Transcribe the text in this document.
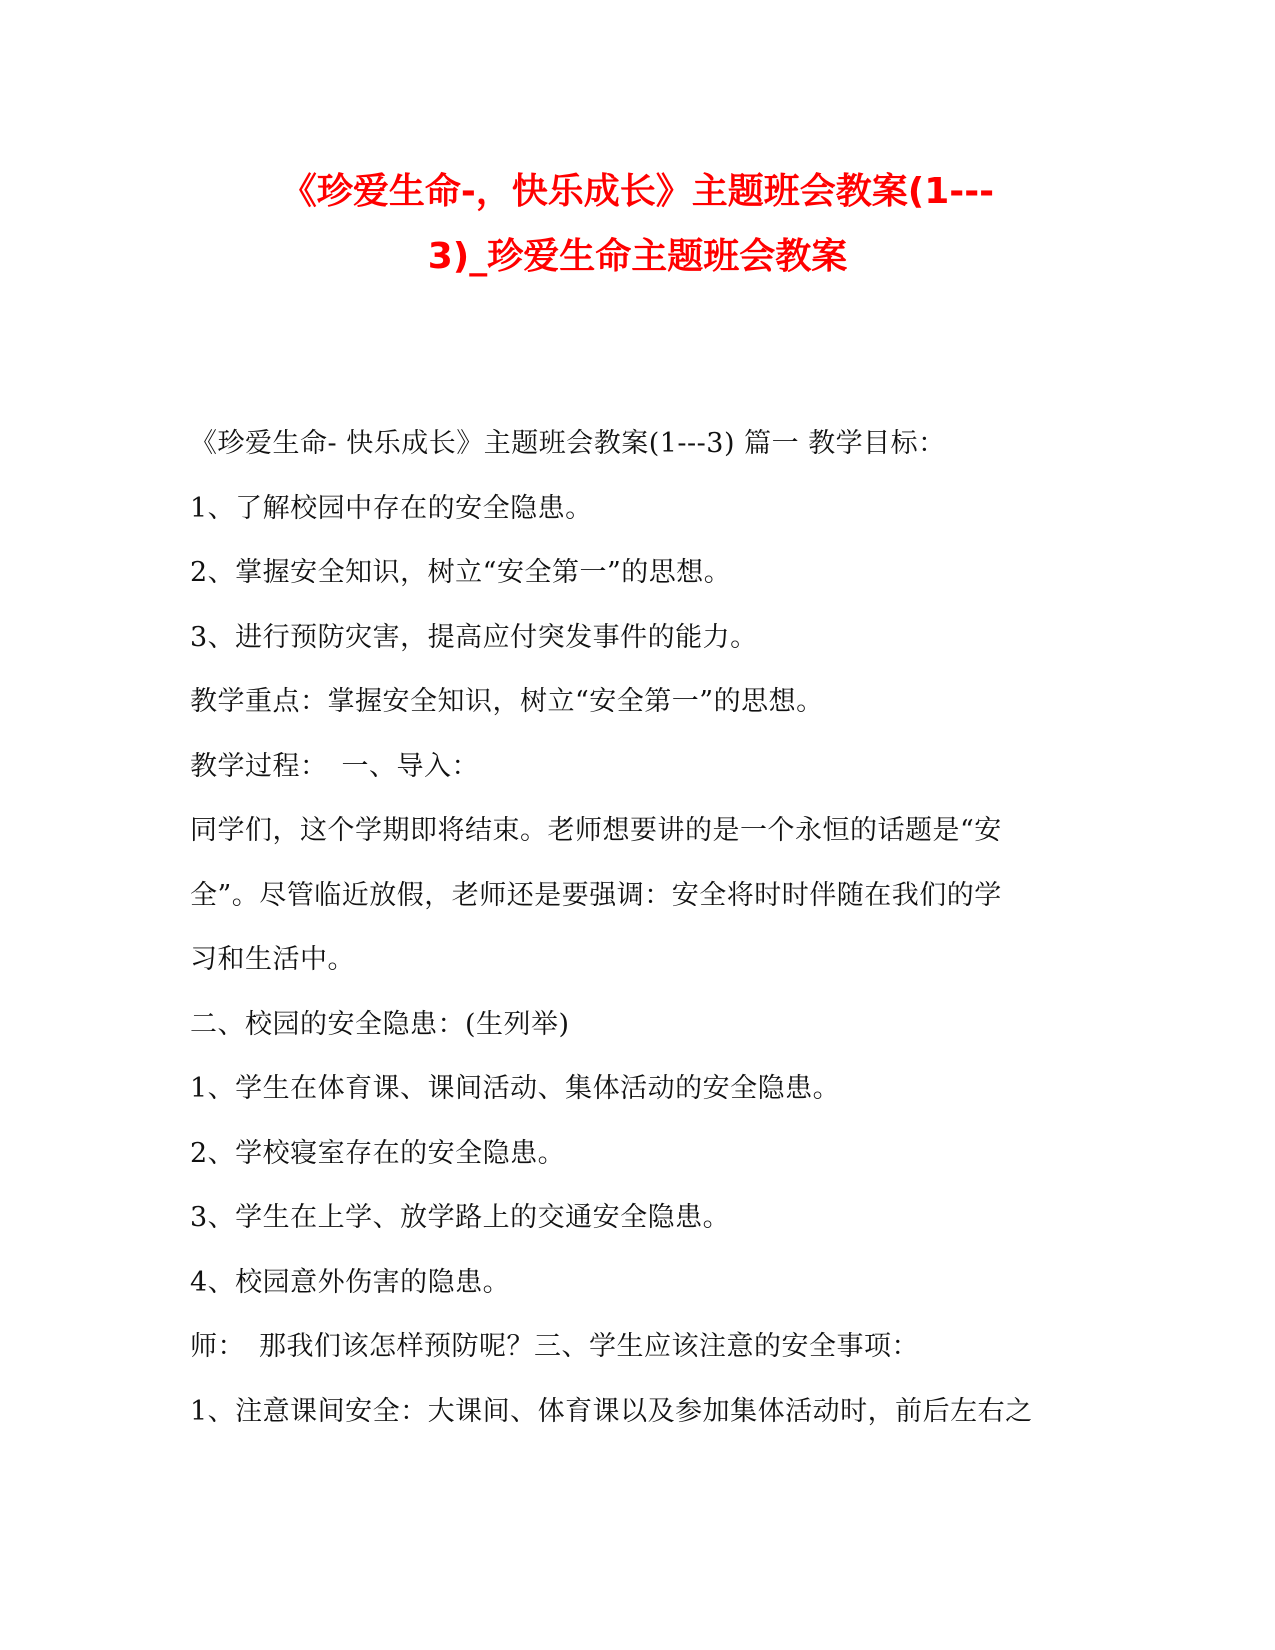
《珍爱生命-，快乐成长》主题班会教案(1---
3)_珍爱生命主题班会教案
《珍爱生命- 快乐成长》主题班会教案(1---3) 篇一 教学目标：
1、了解校园中存在的安全隐患。
2、掌握安全知识，树立“安全第一”的思想。
3、进行预防灾害，提高应付突发事件的能力。
教学重点：掌握安全知识，树立“安全第一”的思想。
教学过程：　一、导入：
同学们，这个学期即将结束。老师想要讲的是一个永恒的话题是“安
全”。尽管临近放假，老师还是要强调：安全将时时伴随在我们的学
习和生活中。
二、校园的安全隐患：(生列举)
1、学生在体育课、课间活动、集体活动的安全隐患。
2、学校寝室存在的安全隐患。
3、学生在上学、放学路上的交通安全隐患。
4、校园意外伤害的隐患。
师：　那我们该怎样预防呢？三、学生应该注意的安全事项：
1、注意课间安全：大课间、体育课以及参加集体活动时，前后左右之
